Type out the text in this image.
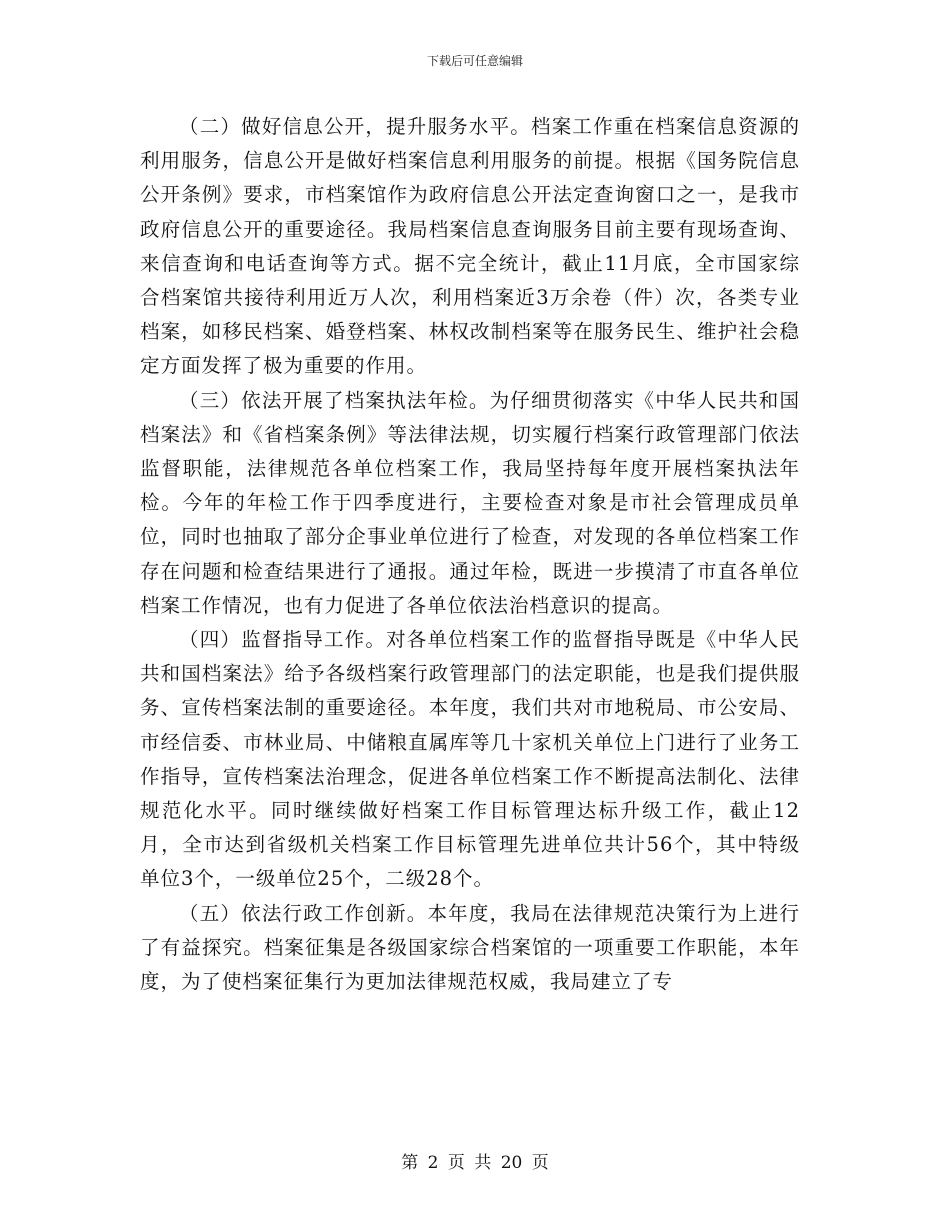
下载后可任意编辑

（二）做好信息公开，提升服务水平。档案工作重在档案信息资源的利用服务，信息公开是做好档案信息利用服务的前提。根据《国务院信息公开条例》要求，市档案馆作为政府信息公开法定查询窗口之一，是我市政府信息公开的重要途径。我局档案信息查询服务目前主要有现场查询、来信查询和电话查询等方式。据不完全统计，截止11月底，全市国家综合档案馆共接待利用近万人次，利用档案近3万余卷（件）次，各类专业档案，如移民档案、婚登档案、林权改制档案等在服务民生、维护社会稳定方面发挥了极为重要的作用。

（三）依法开展了档案执法年检。为仔细贯彻落实《中华人民共和国档案法》和《省档案条例》等法律法规，切实履行档案行政管理部门依法监督职能，法律规范各单位档案工作，我局坚持每年度开展档案执法年检。今年的年检工作于四季度进行，主要检查对象是市社会管理成员单位，同时也抽取了部分企事业单位进行了检查，对发现的各单位档案工作存在问题和检查结果进行了通报。通过年检，既进一步摸清了市直各单位档案工作情况，也有力促进了各单位依法治档意识的提高。

（四）监督指导工作。对各单位档案工作的监督指导既是《中华人民共和国档案法》给予各级档案行政管理部门的法定职能，也是我们提供服务、宣传档案法制的重要途径。本年度，我们共对市地税局、市公安局、市经信委、市林业局、中储粮直属库等几十家机关单位上门进行了业务工作指导，宣传档案法治理念，促进各单位档案工作不断提高法制化、法律规范化水平。同时继续做好档案工作目标管理达标升级工作，截止12月，全市达到省级机关档案工作目标管理先进单位共计56个，其中特级单位3个，一级单位25个，二级28个。

（五）依法行政工作创新。本年度，我局在法律规范决策行为上进行了有益探究。档案征集是各级国家综合档案馆的一项重要工作职能，本年度，为了使档案征集行为更加法律规范权威，我局建立了专

第 2 页 共 20 页
